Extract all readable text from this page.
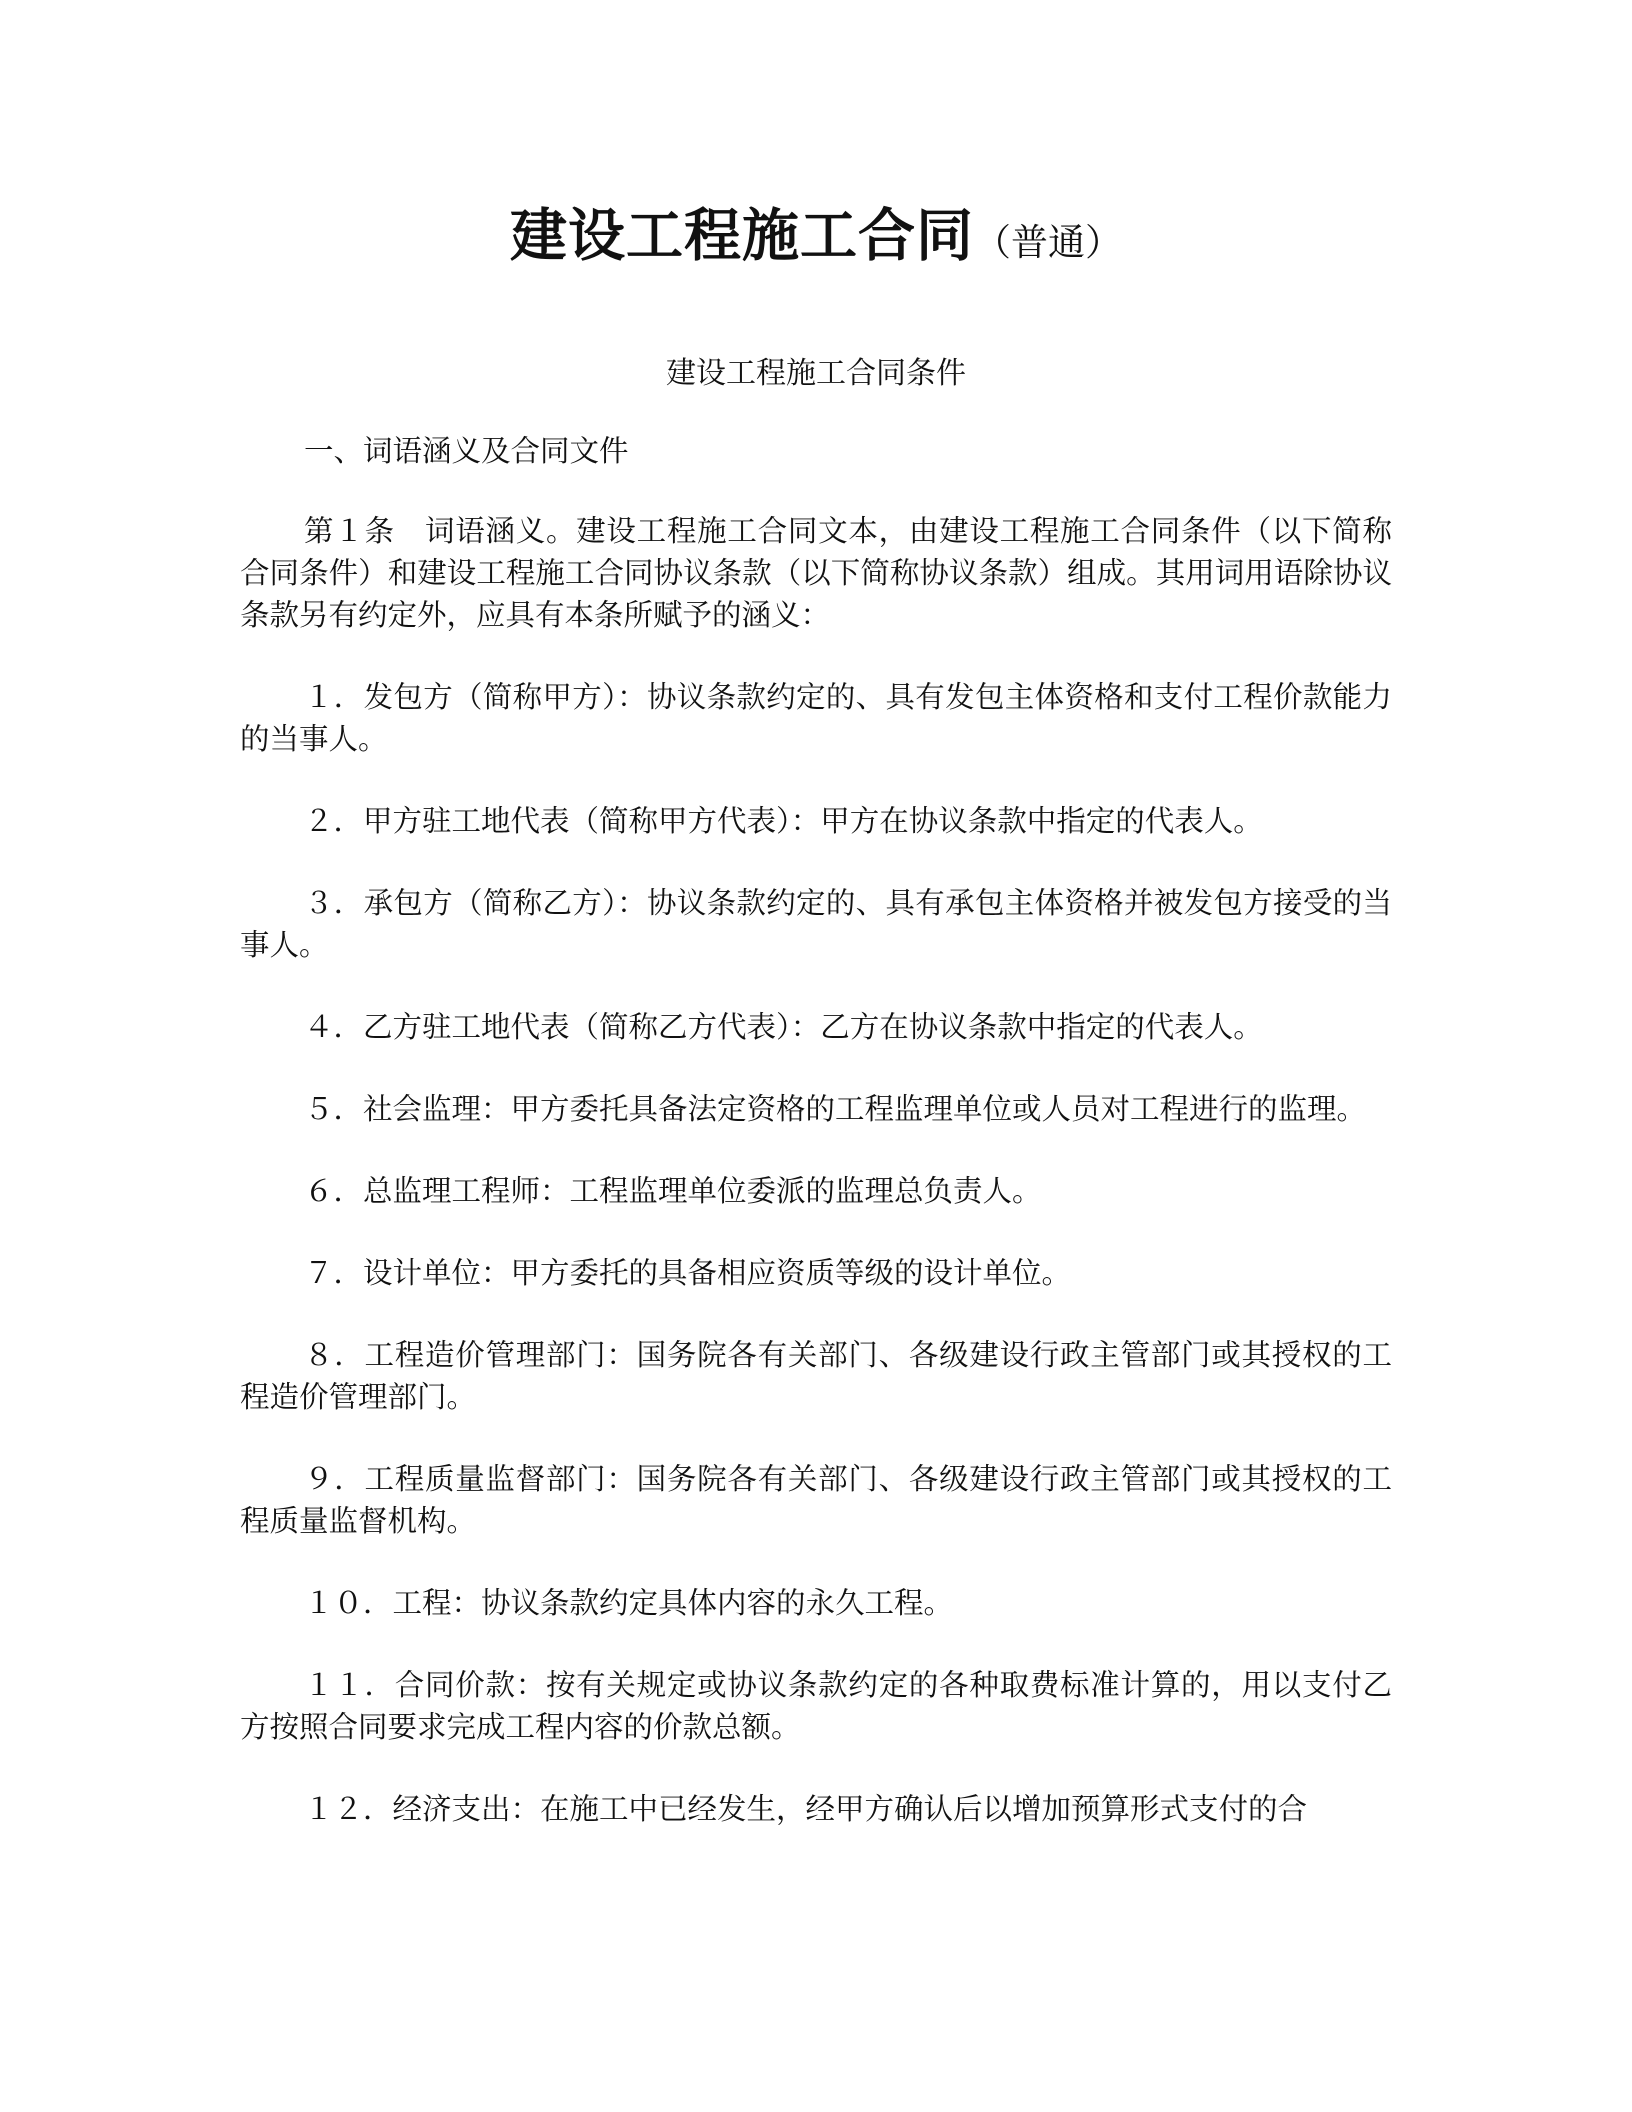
建设工程施工合同（普通）
建设工程施工合同条件

一、词语涵义及合同文件

第１条　词语涵义。建设工程施工合同文本，由建设工程施工合同条件（以下简称合同条件）和建设工程施工合同协议条款（以下简称协议条款）组成。其用词用语除协议条款另有约定外，应具有本条所赋予的涵义：

１．发包方（简称甲方）：协议条款约定的、具有发包主体资格和支付工程价款能力的当事人。

２．甲方驻工地代表（简称甲方代表）：甲方在协议条款中指定的代表人。

３．承包方（简称乙方）：协议条款约定的、具有承包主体资格并被发包方接受的当事人。

４．乙方驻工地代表（简称乙方代表）：乙方在协议条款中指定的代表人。

５．社会监理：甲方委托具备法定资格的工程监理单位或人员对工程进行的监理。

６．总监理工程师：工程监理单位委派的监理总负责人。

７．设计单位：甲方委托的具备相应资质等级的设计单位。

８．工程造价管理部门：国务院各有关部门、各级建设行政主管部门或其授权的工程造价管理部门。

９．工程质量监督部门：国务院各有关部门、各级建设行政主管部门或其授权的工程质量监督机构。

１０．工程：协议条款约定具体内容的永久工程。

１１．合同价款：按有关规定或协议条款约定的各种取费标准计算的，用以支付乙方按照合同要求完成工程内容的价款总额。

１２．经济支出：在施工中已经发生，经甲方确认后以增加预算形式支付的合
